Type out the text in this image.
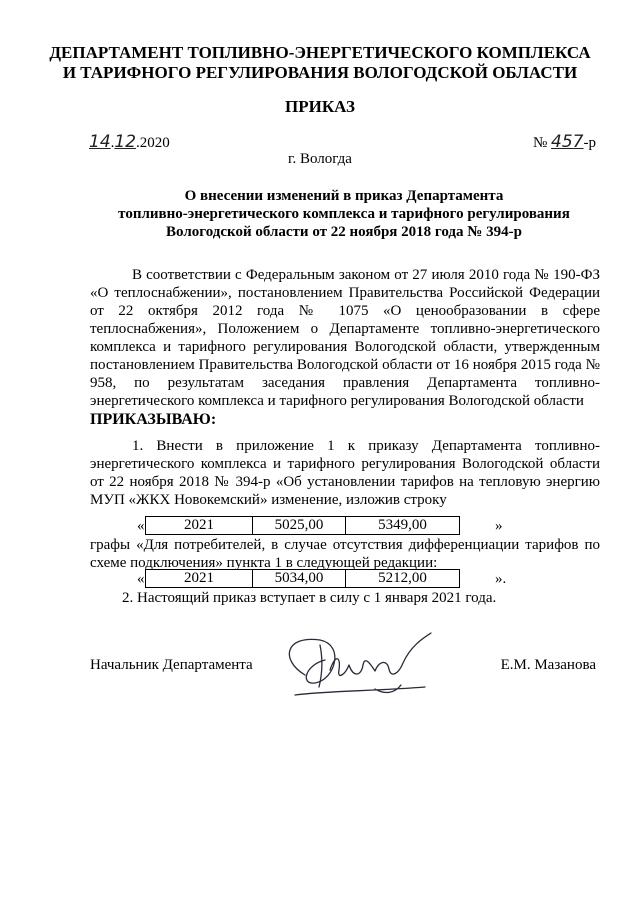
ДЕПАРТАМЕНТ ТОПЛИВНО-ЭНЕРГЕТИЧЕСКОГО КОМПЛЕКСА
И ТАРИФНОГО РЕГУЛИРОВАНИЯ ВОЛОГОДСКОЙ ОБЛАСТИ
ПРИКАЗ
14.12.2020	№ 457-р
г. Вологда
О внесении изменений в приказ Департамента
топливно-энергетического комплекса и тарифного регулирования
Вологодской области от 22 ноября 2018 года № 394-р

В соответствии с Федеральным законом от 27 июля 2010 года № 190-ФЗ «О теплоснабжении», постановлением Правительства Российской Федерации от 22 октября 2012 года № 1075 «О ценообразовании в сфере теплоснабжения», Положением о Департаменте топливно-энергетического комплекса и тарифного регулирования Вологодской области, утвержденным постановлением Правительства Вологодской области от 16 ноября 2015 года № 958, по результатам заседания правления Департамента топливно-энергетического комплекса и тарифного регулирования Вологодской области

ПРИКАЗЫВАЮ:

1. Внести в приложение 1 к приказу Департамента топливно-энергетического комплекса и тарифного регулирования Вологодской области от 22 ноября 2018 № 394-р «Об установлении тарифов на тепловую энергию МУП «ЖКХ Новокемский» изменение, изложив строку

«	2021	5025,00	5349,00	»

графы «Для потребителей, в случае отсутствия дифференциации тарифов по схеме подключения» пункта 1 в следующей редакции:

«	2021	5034,00	5212,00	».

2. Настоящий приказ вступает в силу с 1 января 2021 года.

Начальник Департамента	Е.М. Мазанова
